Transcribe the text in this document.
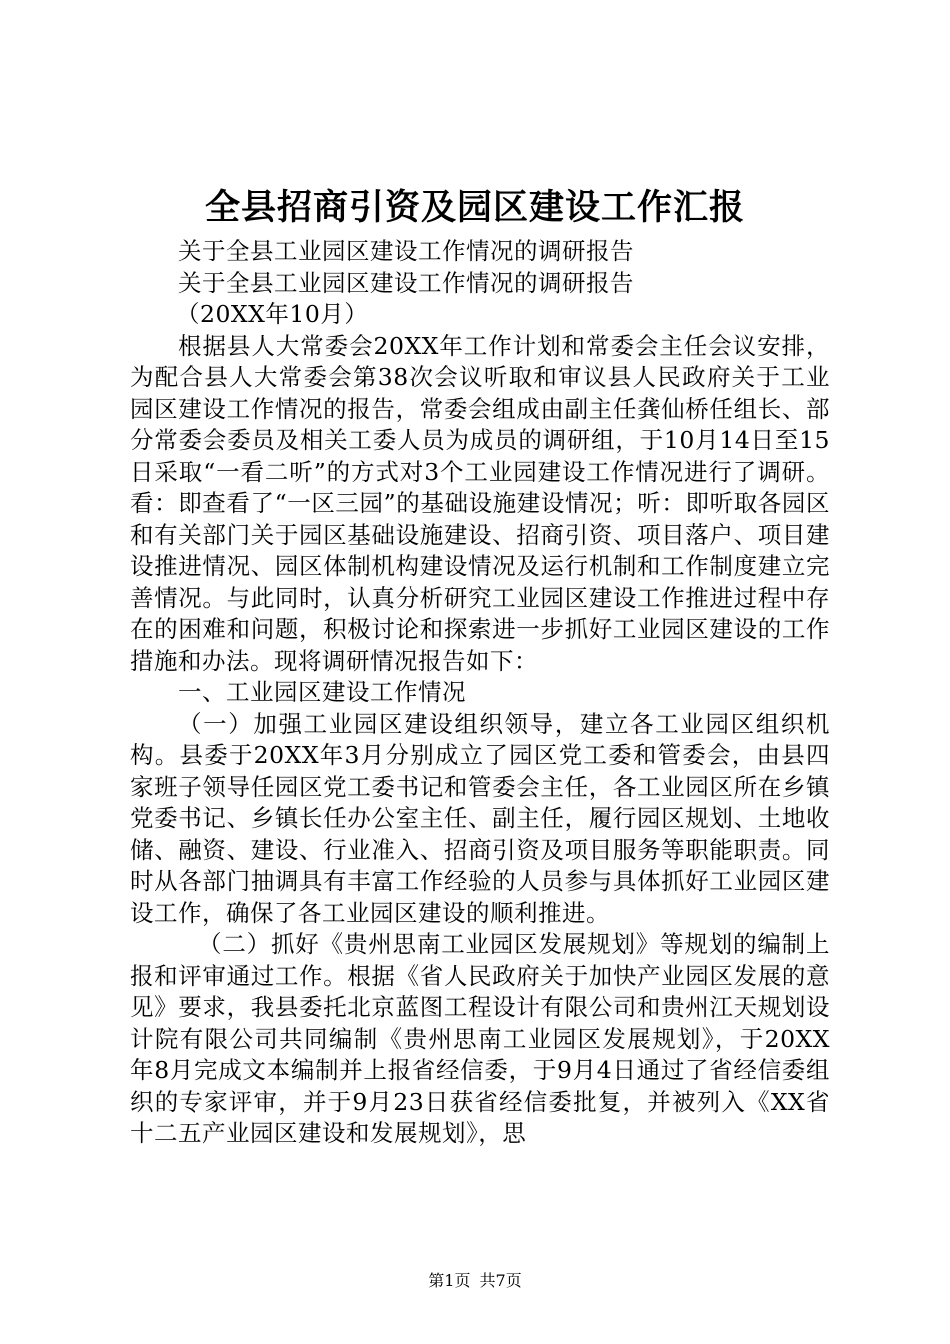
全县招商引资及园区建设工作汇报

关于全县工业园区建设工作情况的调研报告

关于全县工业园区建设工作情况的调研报告

（20XX年10月）

根据县人大常委会20XX年工作计划和常委会主任会议安排，为配合县人大常委会第38次会议听取和审议县人民政府关于工业园区建设工作情况的报告，常委会组成由副主任龚仙桥任组长、部分常委会委员及相关工委人员为成员的调研组，于10月14日至15日采取“一看二听”的方式对3个工业园建设工作情况进行了调研。看：即查看了“一区三园”的基础设施建设情况；听：即听取各园区和有关部门关于园区基础设施建设、招商引资、项目落户、项目建设推进情况、园区体制机构建设情况及运行机制和工作制度建立完善情况。与此同时，认真分析研究工业园区建设工作推进过程中存在的困难和问题，积极讨论和探索进一步抓好工业园区建设的工作措施和办法。现将调研情况报告如下：

一、工业园区建设工作情况

（一）加强工业园区建设组织领导，建立各工业园区组织机构。县委于20XX年3月分别成立了园区党工委和管委会，由县四家班子领导任园区党工委书记和管委会主任，各工业园区所在乡镇党委书记、乡镇长任办公室主任、副主任，履行园区规划、土地收储、融资、建设、行业准入、招商引资及项目服务等职能职责。同时从各部门抽调具有丰富工作经验的人员参与具体抓好工业园区建设工作，确保了各工业园区建设的顺利推进。

（二）抓好《贵州思南工业园区发展规划》等规划的编制上报和评审通过工作。根据《省人民政府关于加快产业园区发展的意见》要求，我县委托北京蓝图工程设计有限公司和贵州江天规划设计院有限公司共同编制《贵州思南工业园区发展规划》，于20XX年8月完成文本编制并上报省经信委，于9月4日通过了省经信委组织的专家评审，并于9月23日获省经信委批复，并被列入《XX省十二五产业园区建设和发展规划》，思

第1页 共7页
